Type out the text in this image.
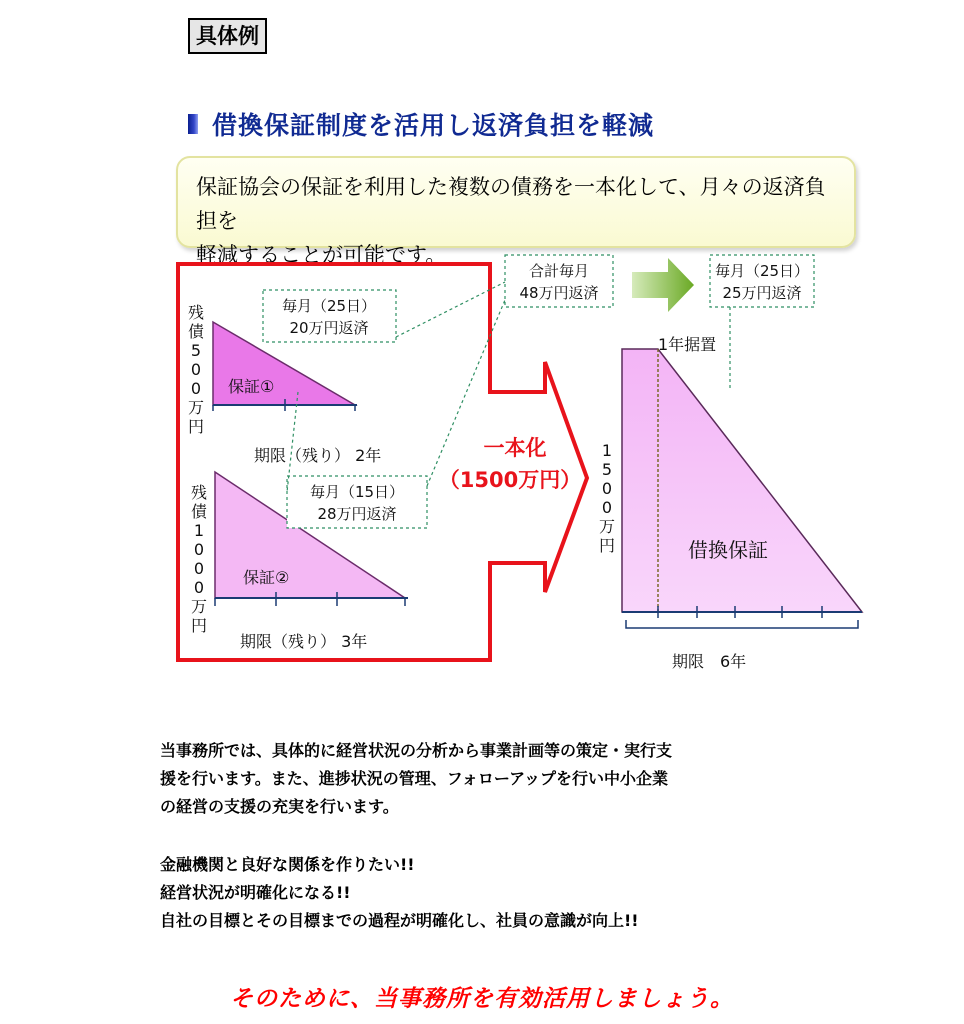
具体例
借換保証制度を活用し返済負担を軽減
保証協会の保証を利用した複数の債務を一本化して、月々の返済負担を
軽減することが可能です。
毎月（25日）
20万円返済
毎月（15日）
28万円返済
合計毎月
48万円返済
毎月（25日）
25万円返済
保証①
保証②
期限（残り） 2年
期限（残り） 3年
1年据置
借換保証
期限　6年
一本化
（1500万円）
残
債
5
0
0
万
円
残
債
1
0
0
0
万
円
1
5
0
0
万
円
当事務所では、具体的に経営状況の分析から事業計画等の策定・実行支
援を行います。また、進捗状況の管理、フォローアップを行い中小企業
の経営の支援の充実を行います。
金融機関と良好な関係を作りたい!!
経営状況が明確化になる!!
自社の目標とその目標までの過程が明確化し、社員の意識が向上!!
そのために、当事務所を有効活用しましょう。
